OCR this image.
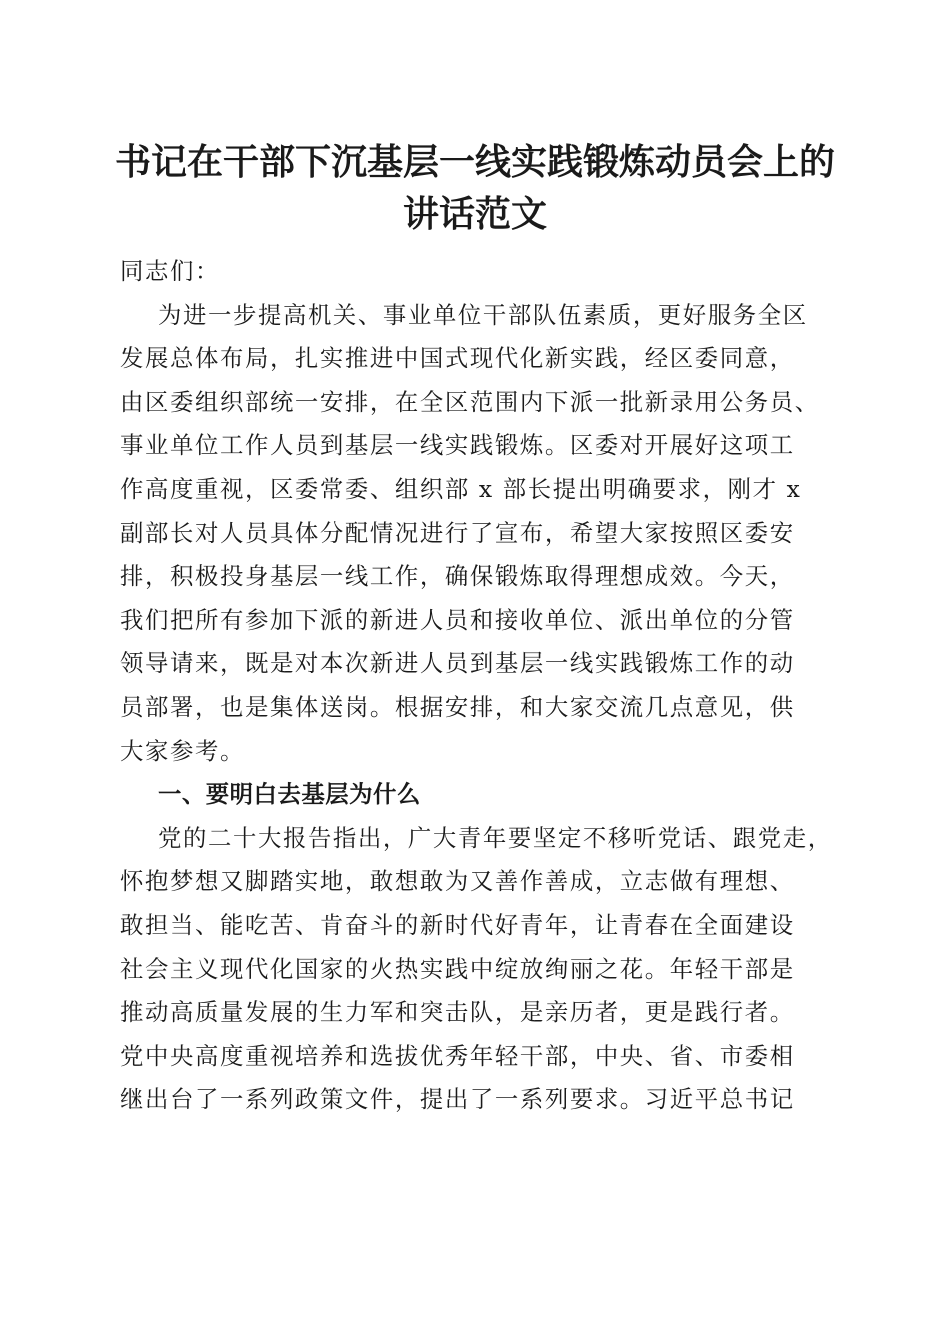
书记在干部下沉基层一线实践锻炼动员会上的
讲话范文
同志们：
为进一步提高机关、事业单位干部队伍素质，更好服务全区
发展总体布局，扎实推进中国式现代化新实践，经区委同意，
由区委组织部统一安排，在全区范围内下派一批新录用公务员、
事业单位工作人员到基层一线实践锻炼。区委对开展好这项工
作高度重视，区委常委、组织部 x 部长提出明确要求，刚才 x
副部长对人员具体分配情况进行了宣布，希望大家按照区委安
排，积极投身基层一线工作，确保锻炼取得理想成效。今天，
我们把所有参加下派的新进人员和接收单位、派出单位的分管
领导请来，既是对本次新进人员到基层一线实践锻炼工作的动
员部署，也是集体送岗。根据安排，和大家交流几点意见，供
大家参考。
一、要明白去基层为什么
党的二十大报告指出，广大青年要坚定不移听党话、跟党走，
怀抱梦想又脚踏实地，敢想敢为又善作善成，立志做有理想、
敢担当、能吃苦、肯奋斗的新时代好青年，让青春在全面建设
社会主义现代化国家的火热实践中绽放绚丽之花。年轻干部是
推动高质量发展的生力军和突击队，是亲历者，更是践行者。
党中央高度重视培养和选拔优秀年轻干部，中央、省、市委相
继出台了一系列政策文件，提出了一系列要求。习近平总书记
